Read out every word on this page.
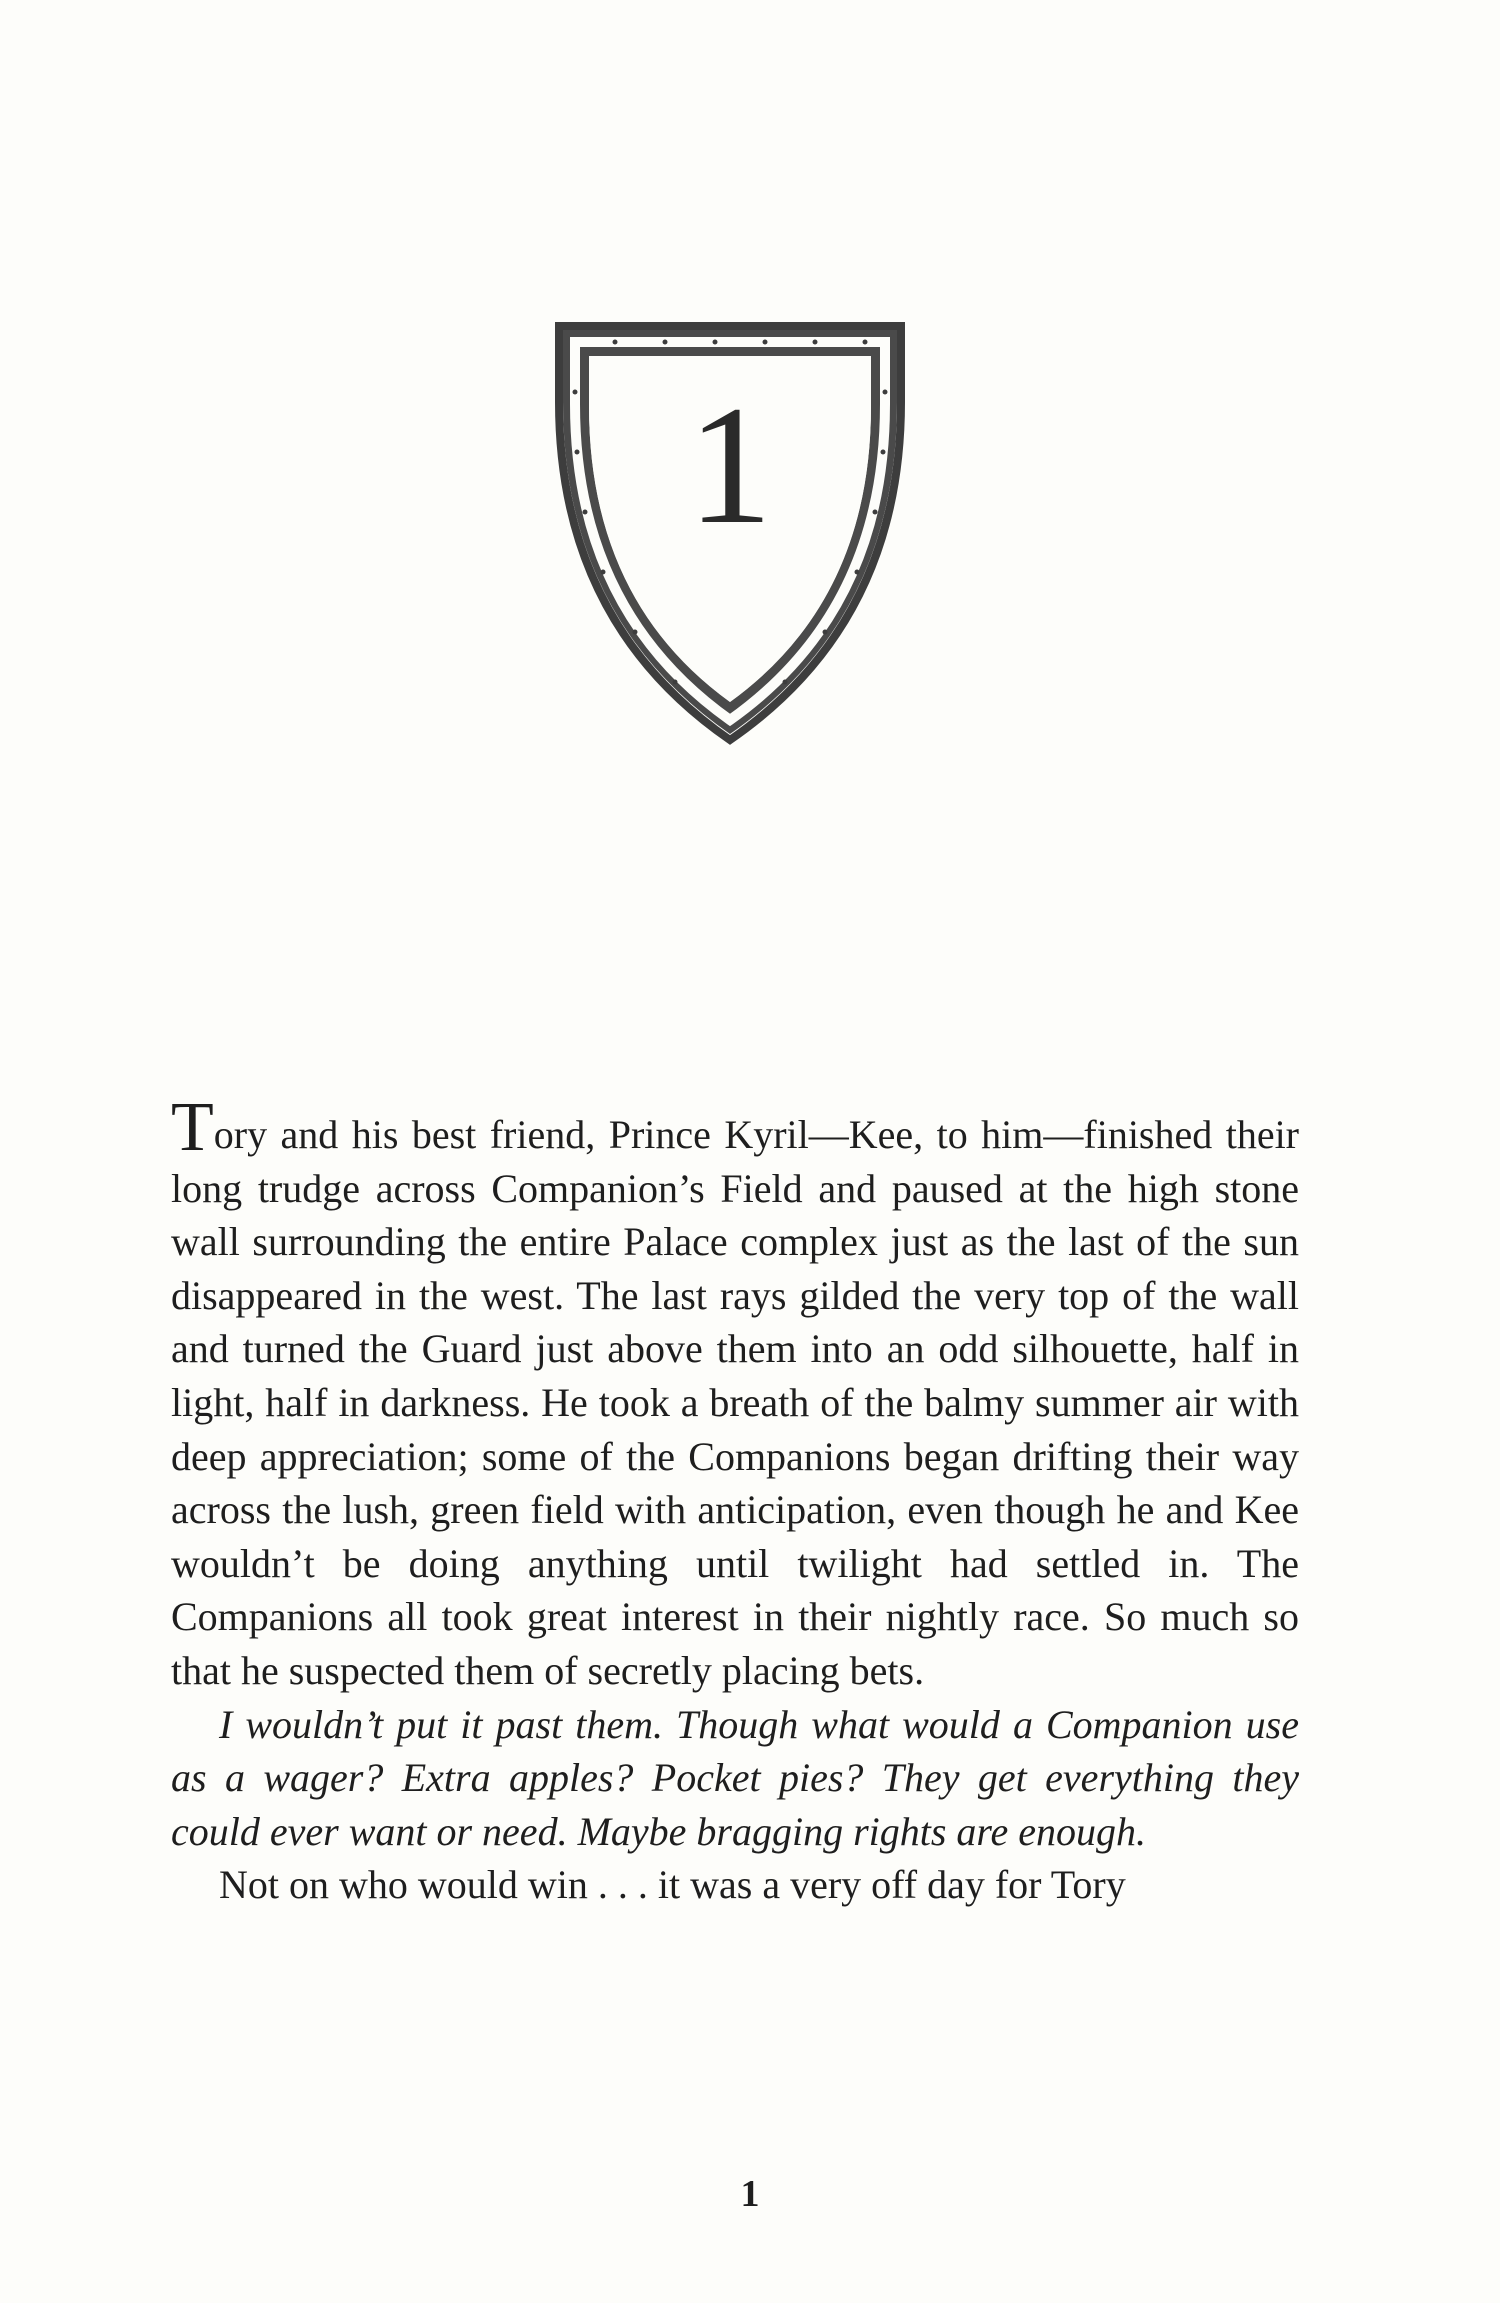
1

Tory and his best friend, Prince Kyril—Kee, to him—finished their long trudge across Companion’s Field and paused at the high stone wall surrounding the entire Palace complex just as the last of the sun disappeared in the west. The last rays gilded the very top of the wall and turned the Guard just above them into an odd silhouette, half in light, half in darkness. He took a breath of the balmy summer air with deep appreciation; some of the Companions began drifting their way across the lush, green field with anticipation, even though he and Kee wouldn’t be doing anything until twilight had settled in. The Companions all took great interest in their nightly race. So much so that he suspected them of secretly placing bets.

I wouldn’t put it past them. Though what would a Companion use as a wager? Extra apples? Pocket pies? They get everything they could ever want or need. Maybe bragging rights are enough.

Not on who would win . . . it was a very off day for Tory

1
